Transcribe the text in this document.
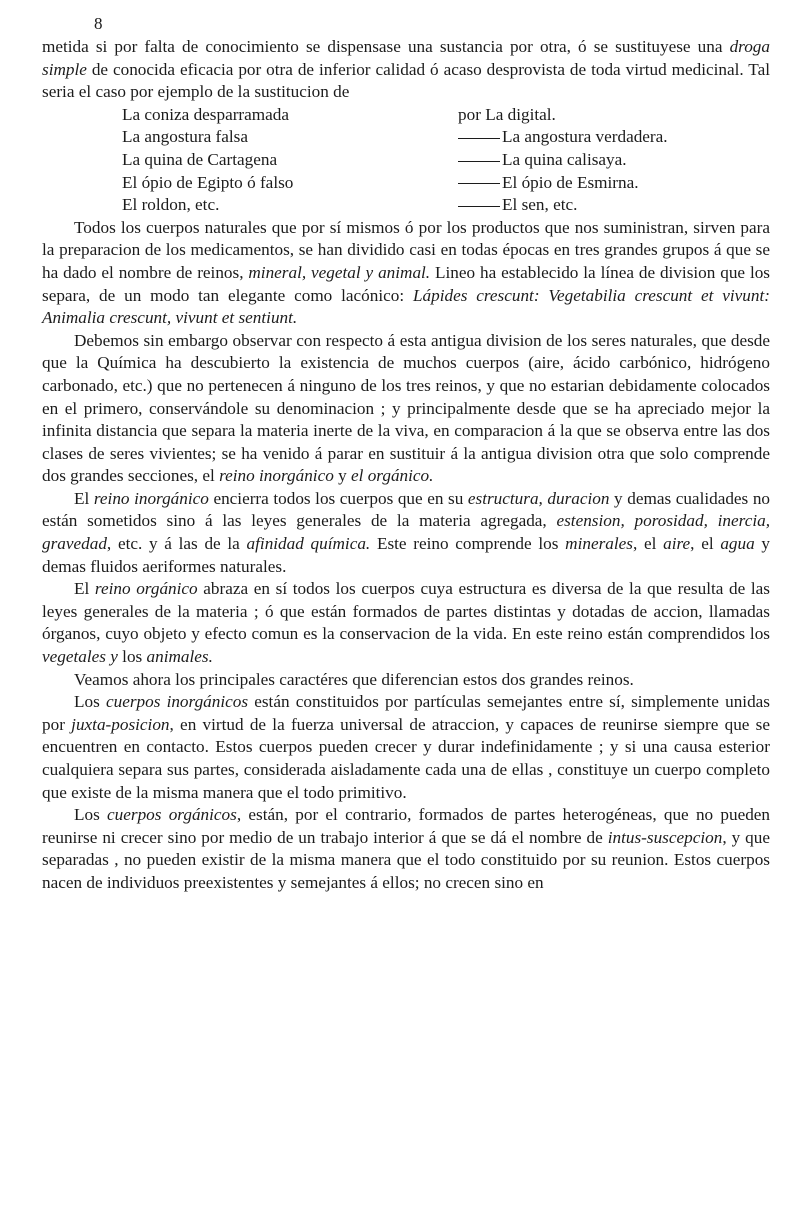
8

metida si por falta de conocimiento se dispensase una sustancia por otra, ó se sustituyese una droga simple de conocida eficacia por otra de inferior calidad ó acaso desprovista de toda virtud medicinal. Tal seria el caso por ejemplo de la sustitucion de

La coniza desparramada	por La digital.
La angostura falsa	La angostura verdadera.
La quina de Cartagena	La quina calisaya.
El ópio de Egipto ó falso	El ópio de Esmirna.
El roldon, etc.	El sen, etc.

Todos los cuerpos naturales que por sí mismos ó por los productos que nos suministran, sirven para la preparacion de los medicamentos, se han dividido casi en todas épocas en tres grandes grupos á que se ha dado el nombre de reinos, mineral, vegetal y animal. Lineo ha establecido la línea de division que los separa, de un modo tan elegante como lacónico: Lápides crescunt: Vegetabilia crescunt et vivunt: Animalia crescunt, vivunt et sentiunt.

Debemos sin embargo observar con respecto á esta antigua division de los seres naturales, que desde que la Química ha descubierto la existencia de muchos cuerpos (aire, ácido carbónico, hidrógeno carbonado, etc.) que no pertenecen á ninguno de los tres reinos, y que no estarian debidamente colocados en el primero, conservándole su denominacion ; y principalmente desde que se ha apreciado mejor la infinita distancia que separa la materia inerte de la viva, en comparacion á la que se observa entre las dos clases de seres vivientes; se ha venido á parar en sustituir á la antigua division otra que solo comprende dos grandes secciones, el reino inorgánico y el orgánico.

El reino inorgánico encierra todos los cuerpos que en su estructura, duracion y demas cualidades no están sometidos sino á las leyes generales de la materia agregada, estension, porosidad, inercia, gravedad, etc. y á las de la afinidad química. Este reino comprende los minerales, el aire, el agua y demas fluidos aeriformes naturales.

El reino orgánico abraza en sí todos los cuerpos cuya estructura es diversa de la que resulta de las leyes generales de la materia ; ó que están formados de partes distintas y dotadas de accion, llamadas órganos, cuyo objeto y efecto comun es la conservacion de la vida. En este reino están comprendidos los vegetales y los animales.

Veamos ahora los principales caractéres que diferencian estos dos grandes reinos.

Los cuerpos inorgánicos están constituidos por partículas semejantes entre sí, simplemente unidas por juxta-posicion, en virtud de la fuerza universal de atraccion, y capaces de reunirse siempre que se encuentren en contacto. Estos cuerpos pueden crecer y durar indefinidamente ; y si una causa esterior cualquiera separa sus partes, considerada aisladamente cada una de ellas , constituye un cuerpo completo que existe de la misma manera que el todo primitivo.

Los cuerpos orgánicos, están, por el contrario, formados de partes heterogéneas, que no pueden reunirse ni crecer sino por medio de un trabajo interior á que se dá el nombre de intus-suscepcion, y que separadas , no pueden existir de la misma manera que el todo constituido por su reunion. Estos cuerpos nacen de individuos preexistentes y semejantes á ellos; no crecen sino en
